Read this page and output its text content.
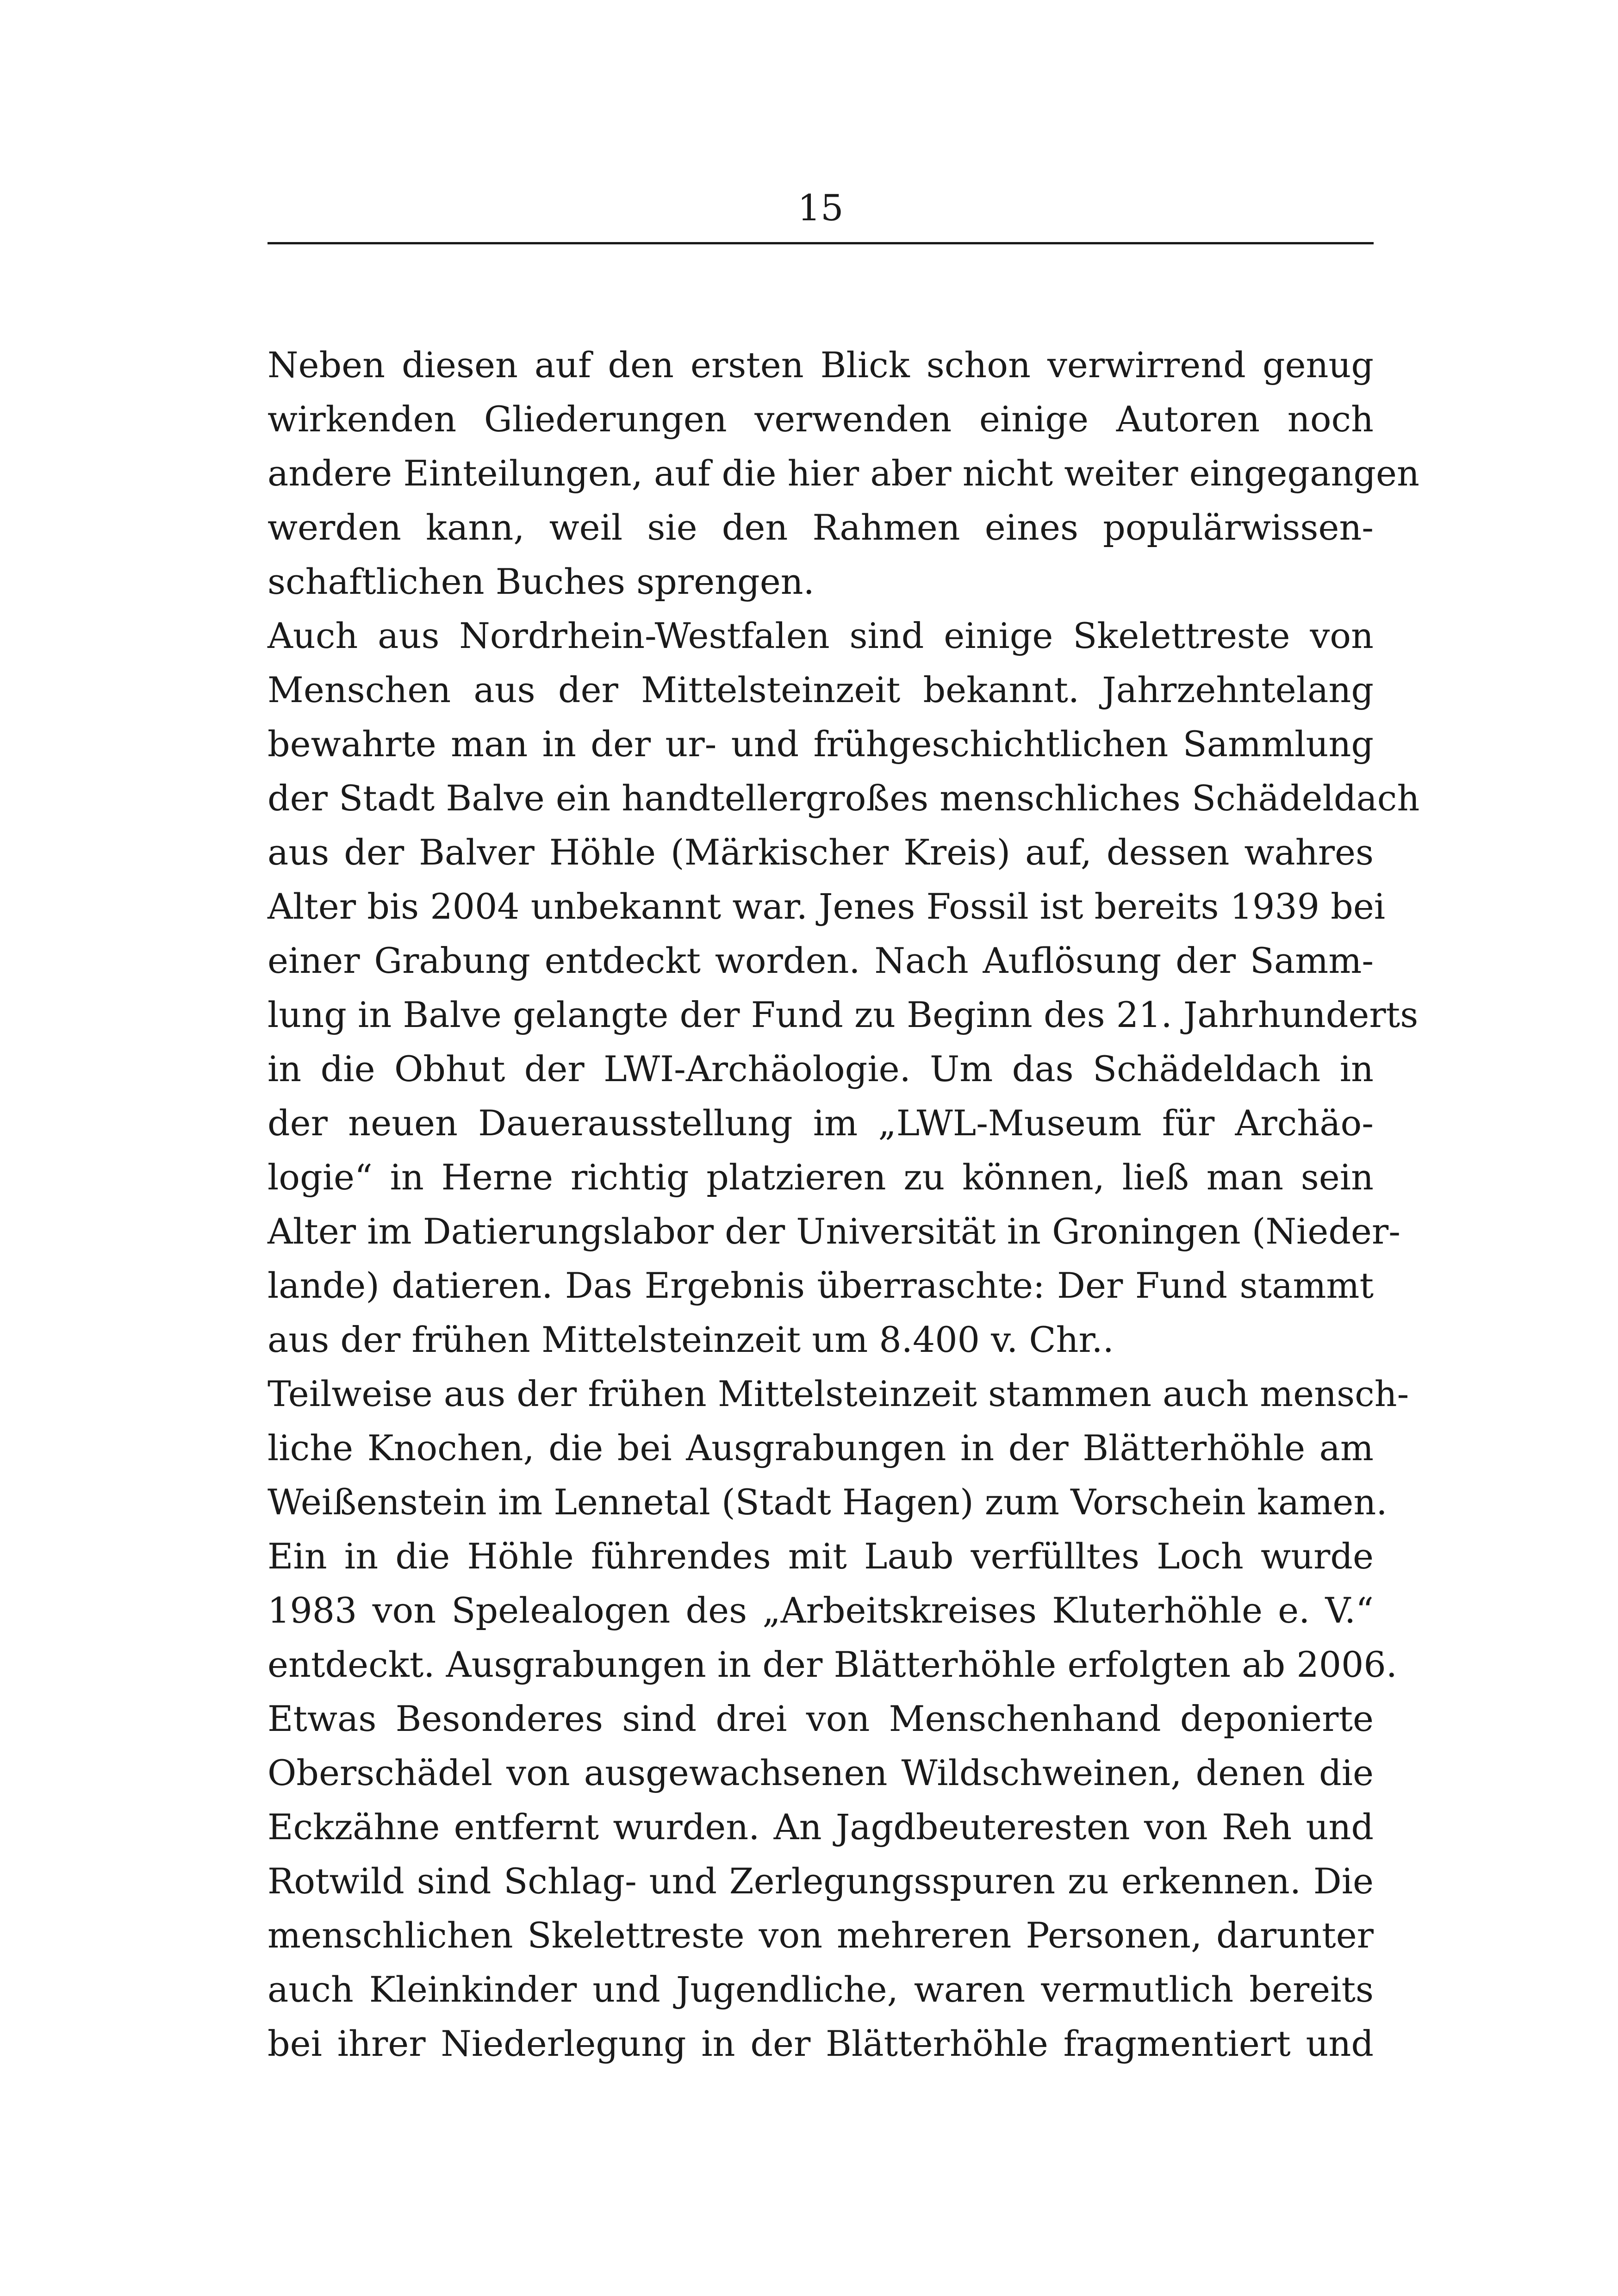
15
Neben diesen auf den ersten Blick schon verwirrend genug
wirkenden Gliederungen verwenden einige Autoren noch
andere Einteilungen, auf die hier aber nicht weiter eingegangen
werden kann, weil sie den Rahmen eines populärwissen-
schaftlichen Buches sprengen.
Auch aus Nordrhein-Westfalen sind einige Skelettreste von
Menschen aus der Mittelsteinzeit bekannt. Jahrzehntelang
bewahrte man in der ur- und frühgeschichtlichen Sammlung
der Stadt Balve ein handtellergroßes menschliches Schädeldach
aus der Balver Höhle (Märkischer Kreis) auf, dessen wahres
Alter bis 2004 unbekannt war. Jenes Fossil ist bereits 1939 bei
einer Grabung entdeckt worden. Nach Auflösung der Samm-
lung in Balve gelangte der Fund zu Beginn des 21. Jahrhunderts
in die Obhut der LWI-Archäologie. Um das Schädeldach in
der neuen Dauerausstellung im „LWL-Museum für Archäo-
logie“ in Herne richtig platzieren zu können, ließ man sein
Alter im Datierungslabor der Universität in Groningen (Nieder-
lande) datieren. Das Ergebnis überraschte: Der Fund stammt
aus der frühen Mittelsteinzeit um 8.400 v. Chr..
Teilweise aus der frühen Mittelsteinzeit stammen auch mensch-
liche Knochen, die bei Ausgrabungen in der Blätterhöhle am
Weißenstein im Lennetal (Stadt Hagen) zum Vorschein kamen.
Ein in die Höhle führendes mit Laub verfülltes Loch wurde
1983 von Spelealogen des „Arbeitskreises Kluterhöhle e. V.“
entdeckt. Ausgrabungen in der Blätterhöhle erfolgten ab 2006.
Etwas Besonderes sind drei von Menschenhand deponierte
Oberschädel von ausgewachsenen Wildschweinen, denen die
Eckzähne entfernt wurden. An Jagdbeuteresten von Reh und
Rotwild sind Schlag- und Zerlegungsspuren zu erkennen. Die
menschlichen Skelettreste von mehreren Personen, darunter
auch Kleinkinder und Jugendliche, waren vermutlich bereits
bei ihrer Niederlegung in der Blätterhöhle fragmentiert und
